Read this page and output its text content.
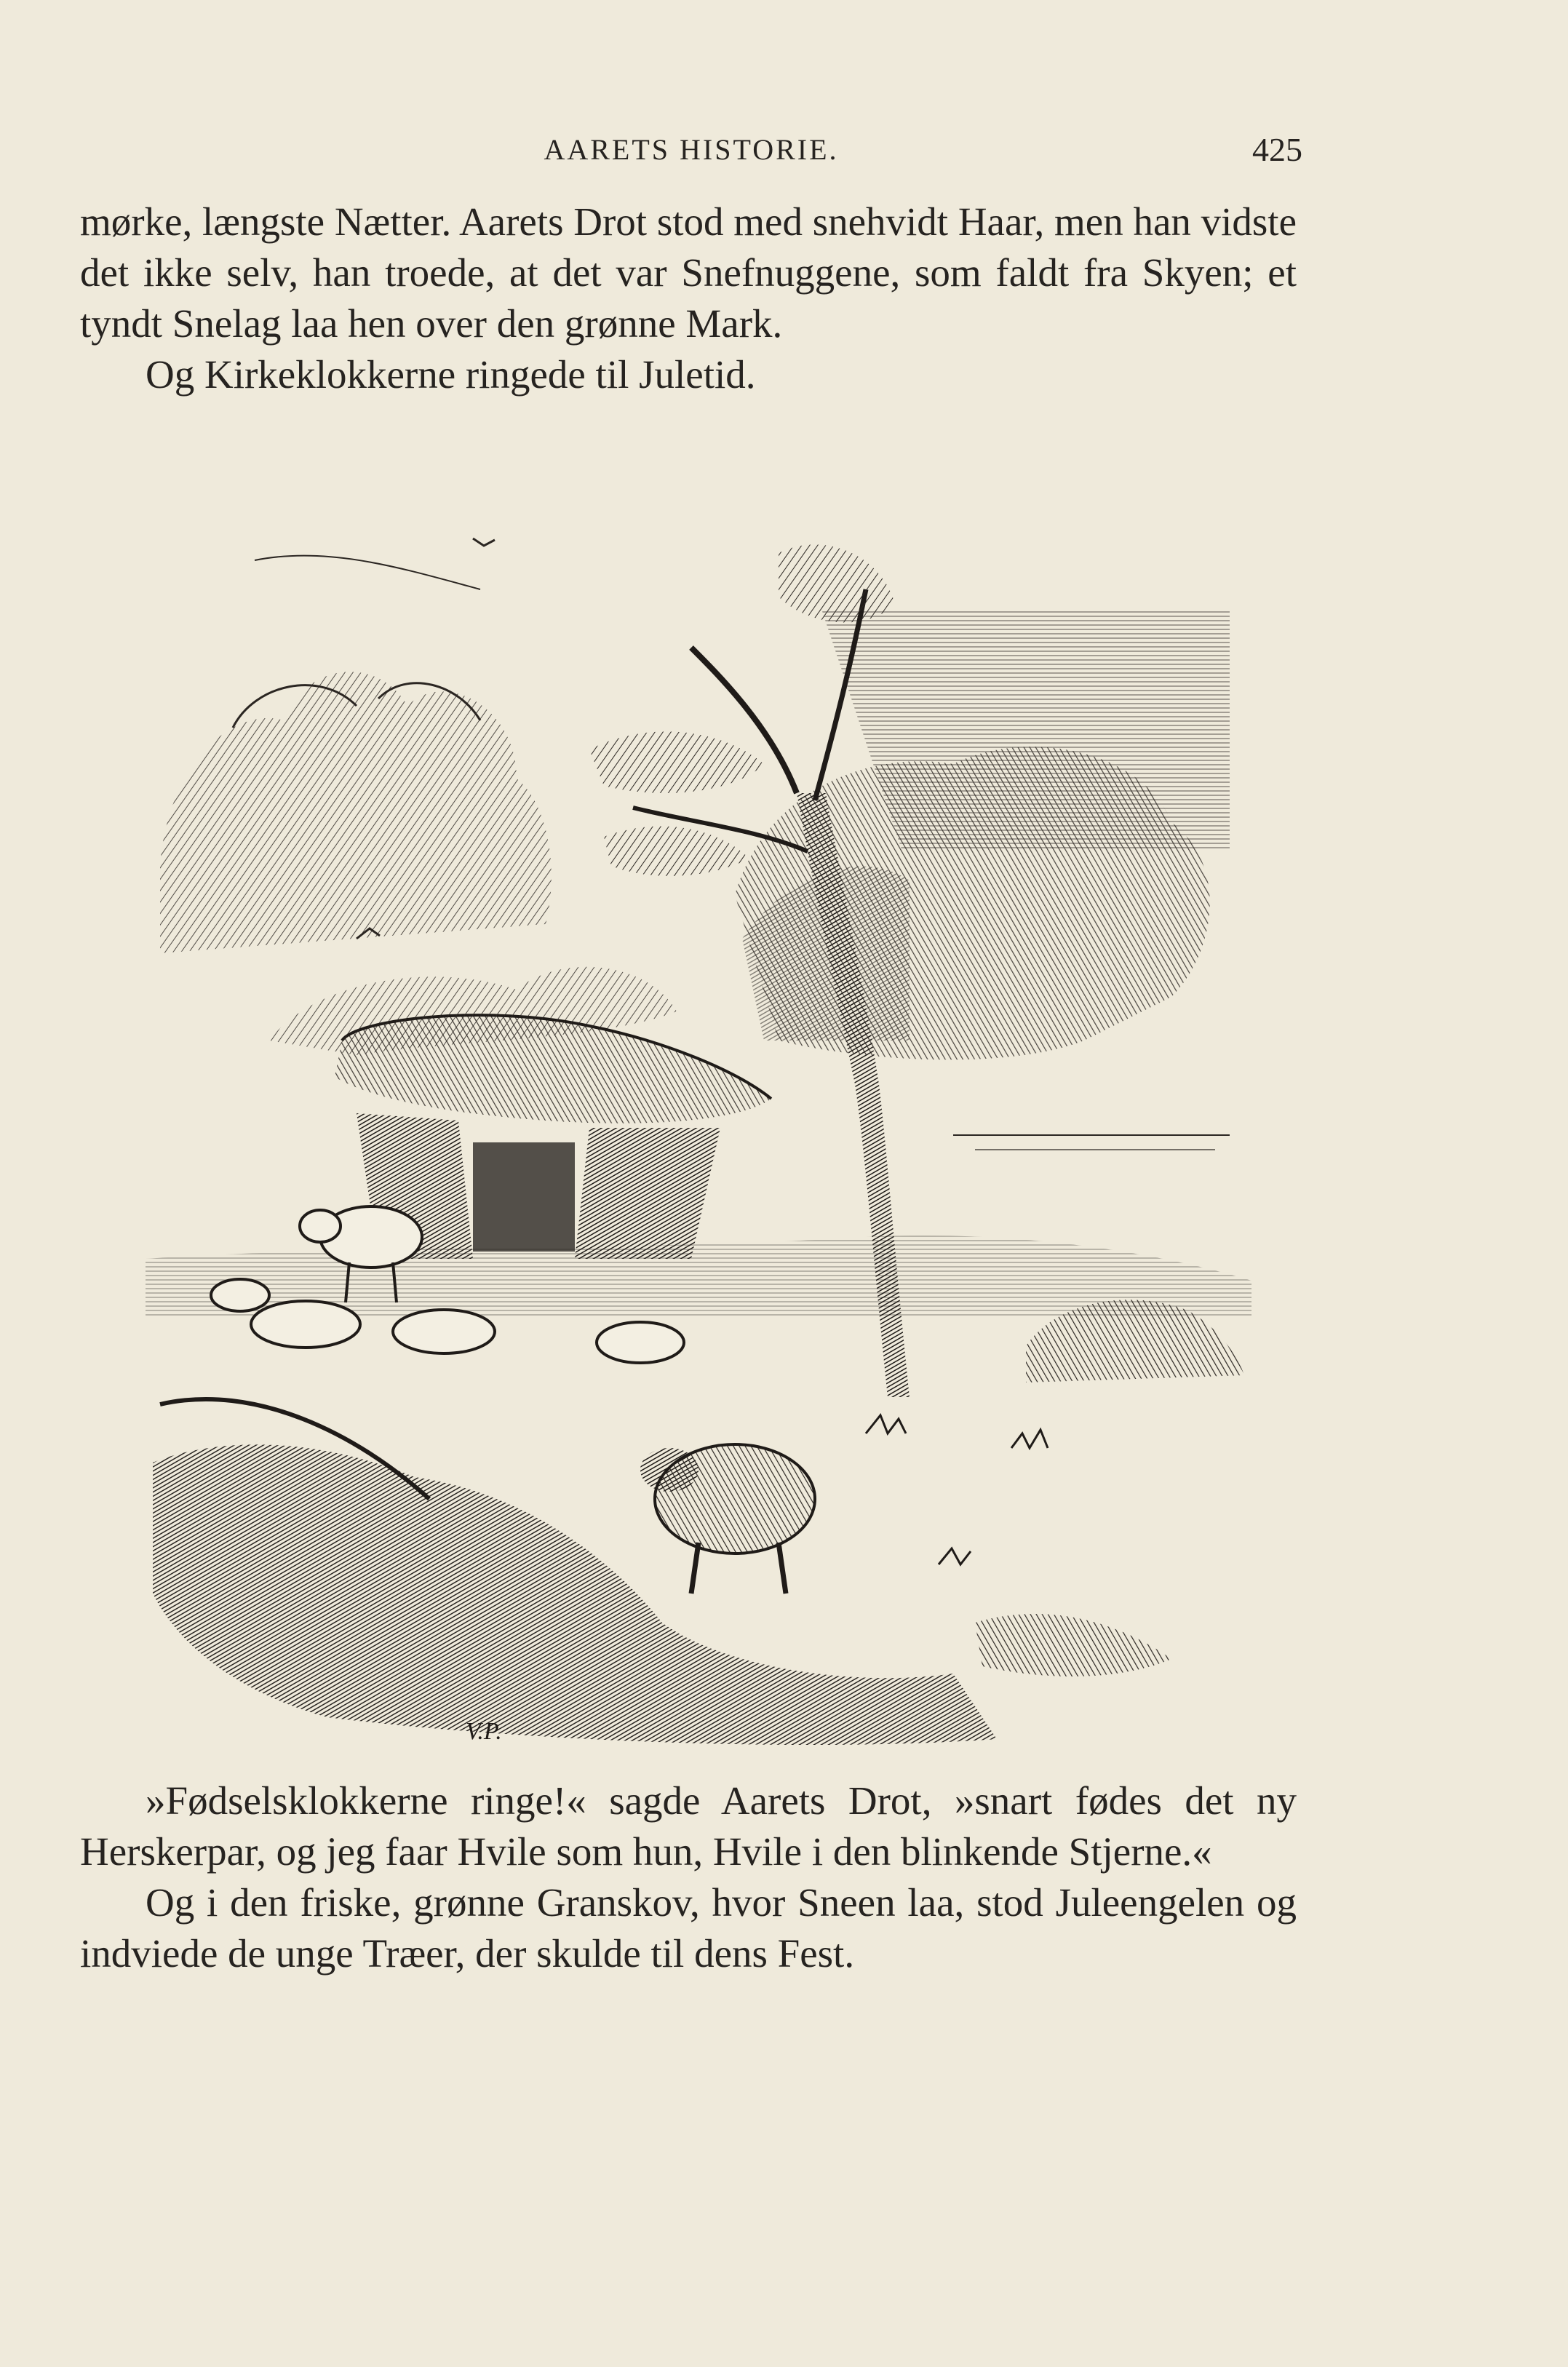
AARETS HISTORIE.	425

mørke, længste Nætter. Aarets Drot stod med snehvidt Haar, men han vidste det ikke selv, han troede, at det var Snefnuggene, som faldt fra Skyen; et tyndt Snelag laa hen over den grønne Mark.

Og Kirkeklokkerne ringede til Juletid.

V.P.

»Fødselsklokkerne ringe!« sagde Aarets Drot, »snart fødes det ny Herskerpar, og jeg faar Hvile som hun, Hvile i den blinkende Stjerne.«

Og i den friske, grønne Granskov, hvor Sneen laa, stod Juleengelen og indviede de unge Træer, der skulde til dens Fest.
